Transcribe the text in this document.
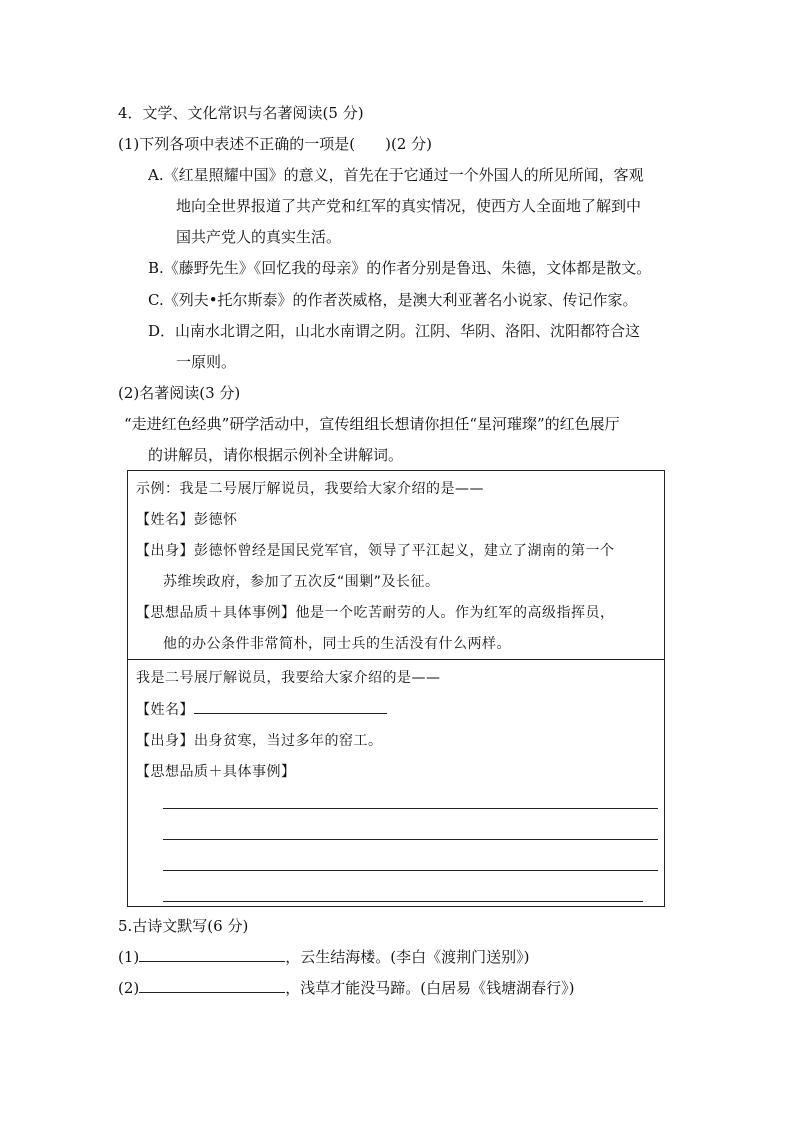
4．文学、文化常识与名著阅读(5 分)
(1)下列各项中表述不正确的一项是(　　)(2 分)
A.《红星照耀中国》的意义，首先在于它通过一个外国人的所见所闻，客观
地向全世界报道了共产党和红军的真实情况，使西方人全面地了解到中
国共产党人的真实生活。
B.《藤野先生》《回忆我的母亲》的作者分别是鲁迅、朱德，文体都是散文。
C.《列夫•托尔斯泰》的作者茨威格，是澳大利亚著名小说家、传记作家。
D．山南水北谓之阳，山北水南谓之阴。江阴、华阴、洛阳、沈阳都符合这
一原则。
(2)名著阅读(3 分)
“走进红色经典”研学活动中，宣传组组长想请你担任“星河璀璨”的红色展厅
的讲解员，请你根据示例补全讲解词。
示例：我是二号展厅解说员，我要给大家介绍的是——
【姓名】彭德怀
【出身】彭德怀曾经是国民党军官，领导了平江起义，建立了湖南的第一个
苏维埃政府，参加了五次反“围剿”及长征。
【思想品质＋具体事例】他是一个吃苦耐劳的人。作为红军的高级指挥员，
他的办公条件非常简朴，同士兵的生活没有什么两样。
我是二号展厅解说员，我要给大家介绍的是——
【姓名】
【出身】出身贫寒，当过多年的窑工。
【思想品质＋具体事例】
5.古诗文默写(6 分)
(1)	，云生结海楼。(李白《渡荆门送别》)
(2)	，浅草才能没马蹄。(白居易《钱塘湖春行》)
